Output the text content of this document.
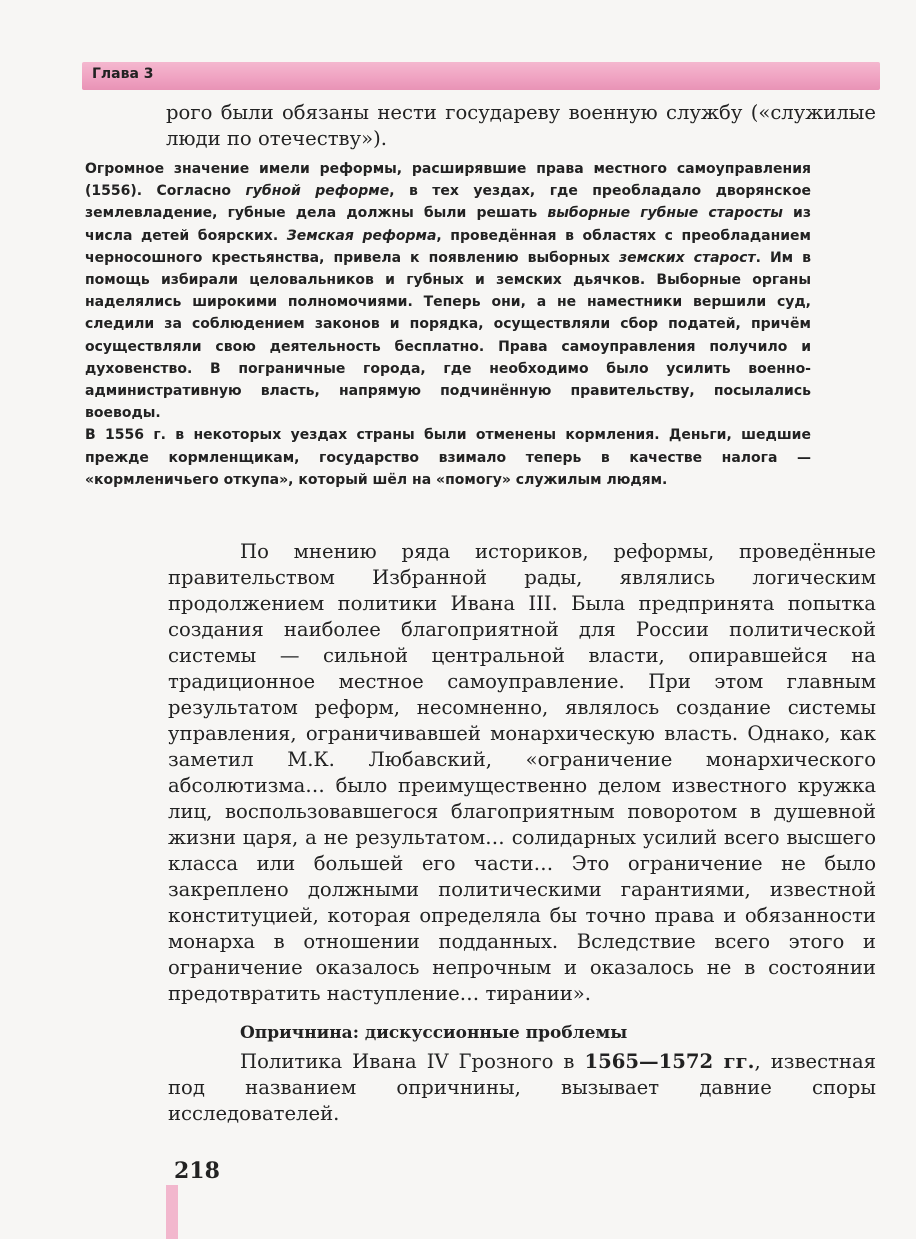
Глава 3

рого были обязаны нести государеву военную службу («служилые люди по отечеству»).

Огромное значение имели реформы, расширявшие права местного самоуправления (1556). Согласно губной реформе, в тех уездах, где преобладало дворянское землевладение, губные дела должны были решать выборные губные старосты из числа детей боярских. Земская реформа, проведённая в областях с преобладанием черносошного крестьянства, привела к появлению выборных земских старост. Им в помощь избирали целовальников и губных и земских дьячков. Выборные органы наделялись широкими полномочиями. Теперь они, а не наместники вершили суд, следили за соблюдением законов и порядка, осуществляли сбор податей, причём осуществляли свою деятельность бесплатно. Права самоуправления получило и духовенство. В пограничные города, где необходимо было усилить военно-административную власть, напрямую подчинённую правительству, посылались воеводы.

В 1556 г. в некоторых уездах страны были отменены кормления. Деньги, шедшие прежде кормленщикам, государство взимало теперь в качестве налога — «кормленичьего откупа», который шёл на «помогу» служилым людям.

По мнению ряда историков, реформы, проведённые правительством Избранной рады, являлись логическим продолжением политики Ивана III. Была предпринята попытка создания наиболее благоприятной для России политической системы — сильной центральной власти, опиравшейся на традиционное местное самоуправление. При этом главным результатом реформ, несомненно, являлось создание системы управления, ограничивавшей монархическую власть. Однако, как заметил М.К. Любавский, «ограничение монархического абсолютизма… было преимущественно делом известного кружка лиц, воспользовавшегося благоприятным поворотом в душевной жизни царя, а не результатом… солидарных усилий всего высшего класса или большей его части… Это ограничение не было закреплено должными политическими гарантиями, известной конституцией, которая определяла бы точно права и обязанности монарха в отношении подданных. Вследствие всего этого и ограничение оказалось непрочным и оказалось не в состоянии предотвратить наступление… тирании».

Опричнина: дискуссионные проблемы

Политика Ивана IV Грозного в 1565—1572 гг., известная под названием опричнины, вызывает давние споры исследователей.

218
